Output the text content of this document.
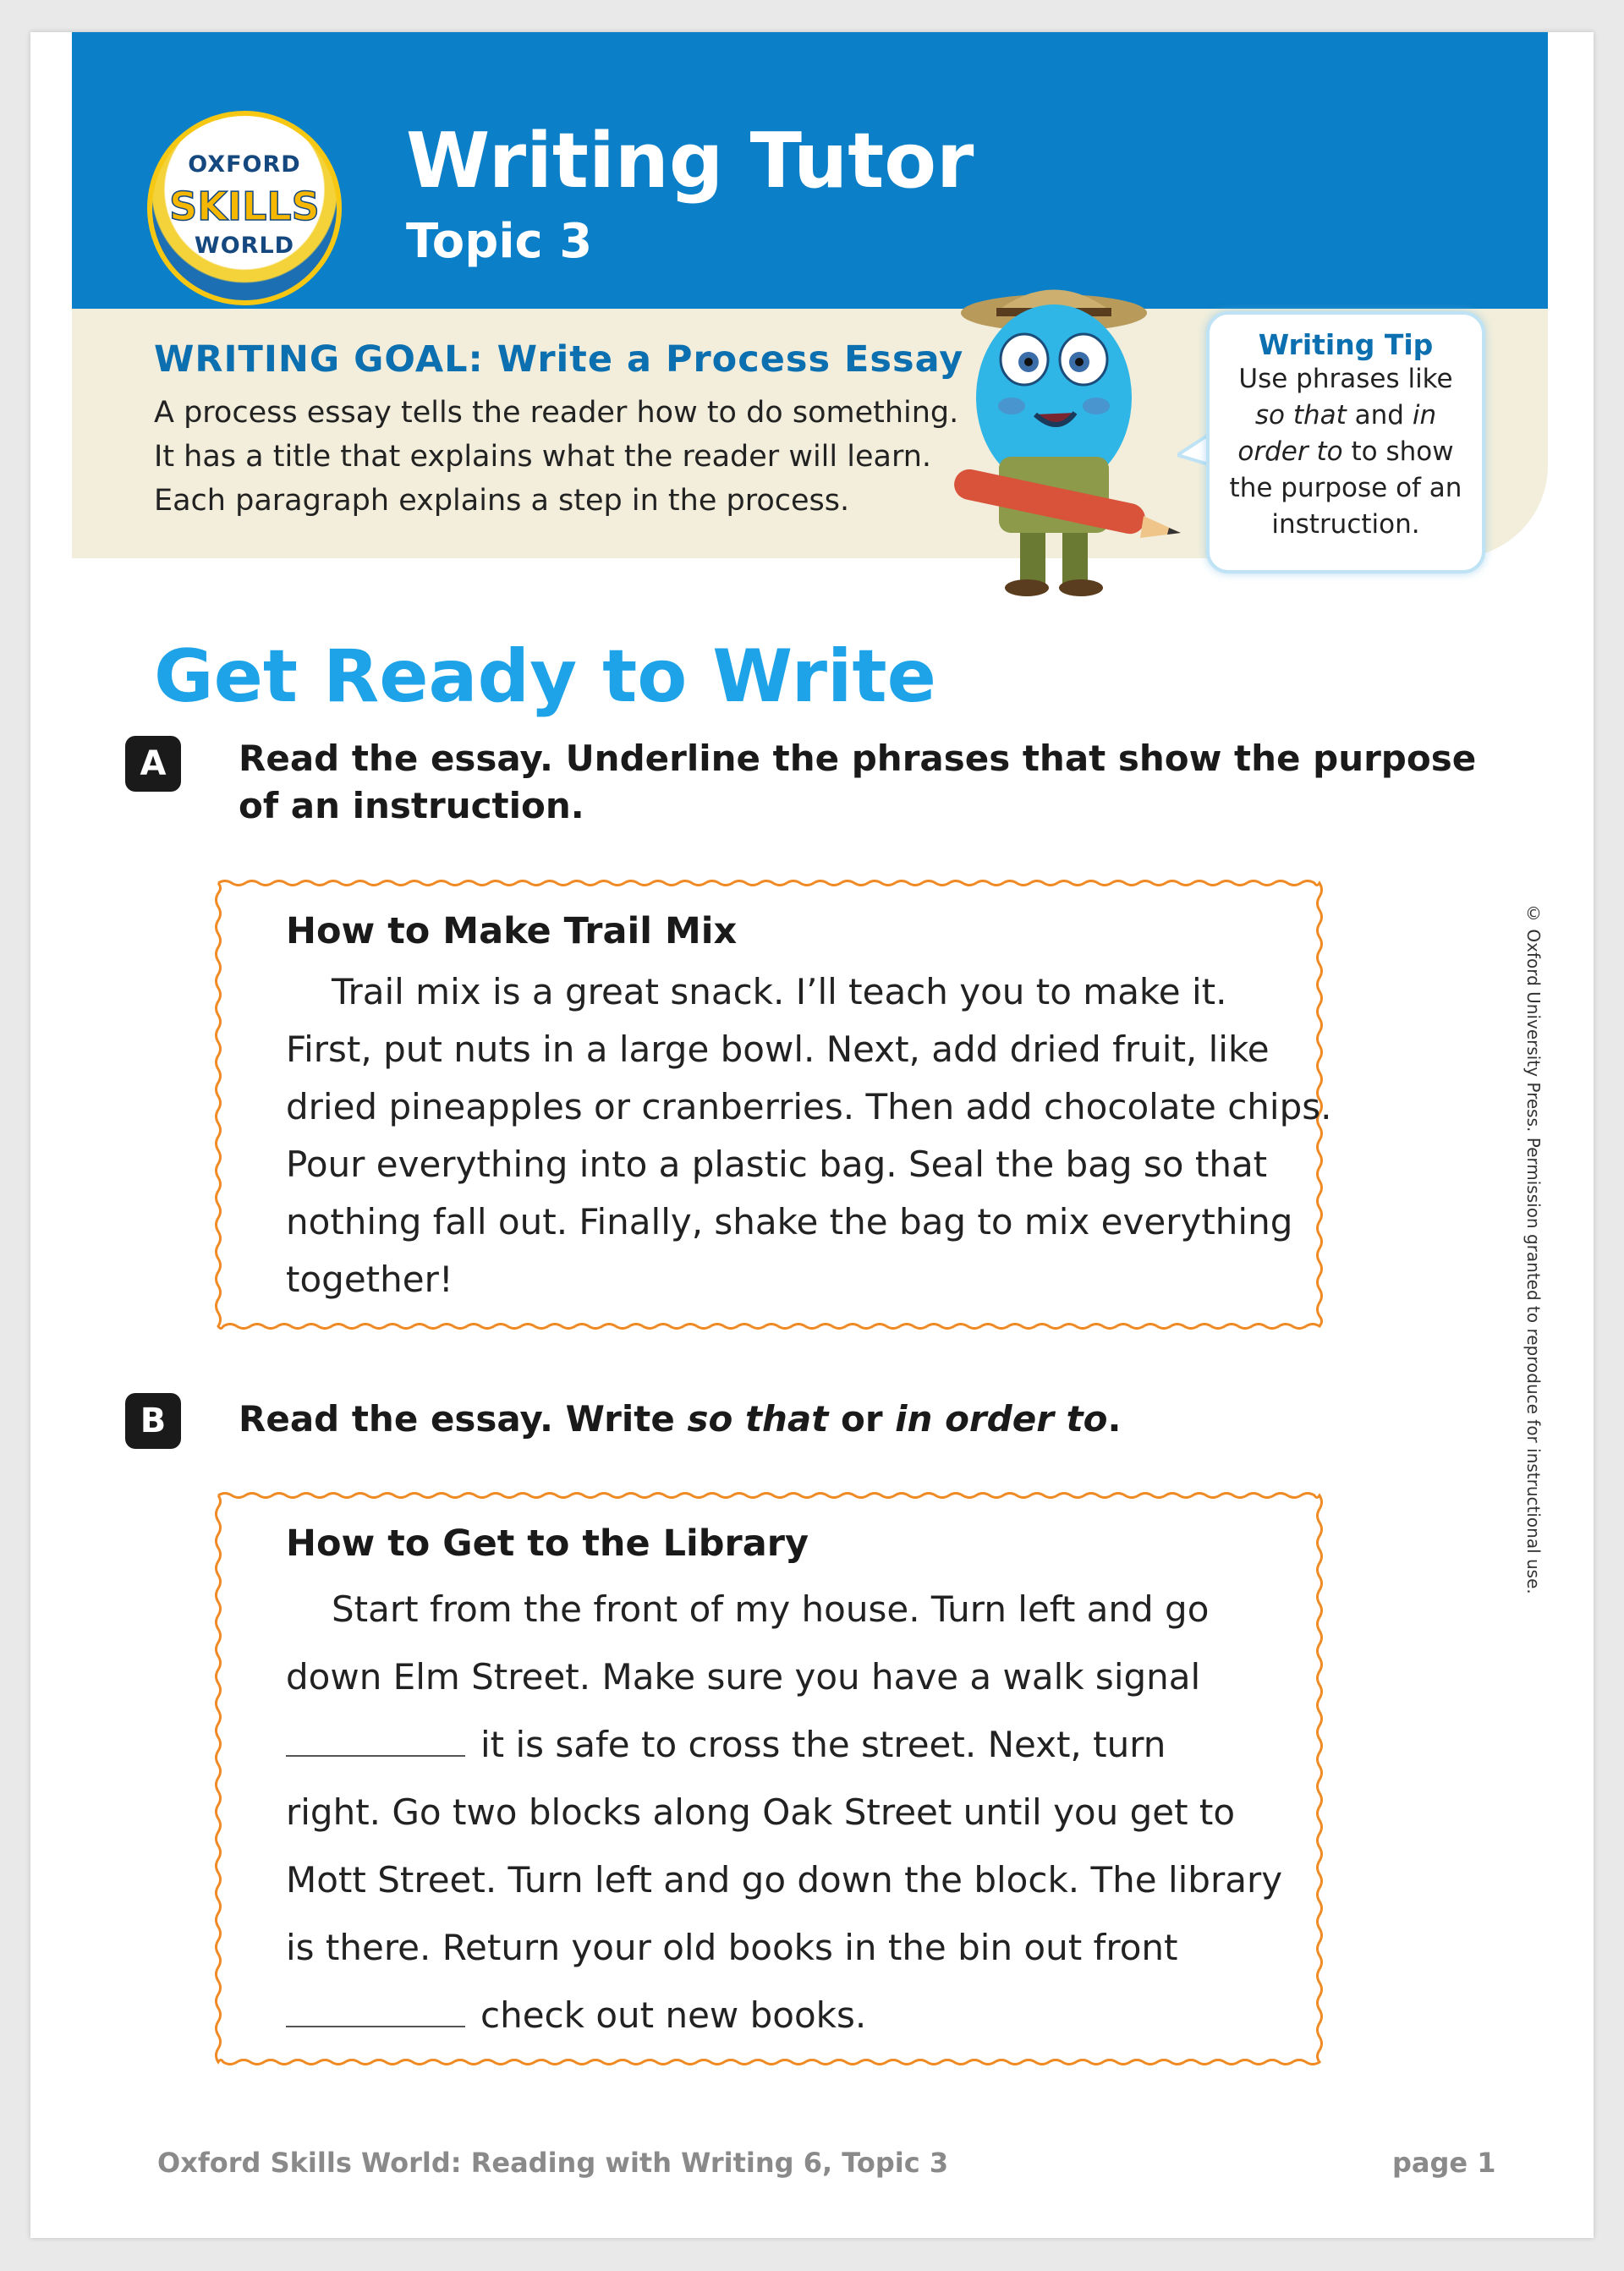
OXFORD
SKILLS
WORLD
Writing Tutor
Topic 3
WRITING GOAL: Write a Process Essay
A process essay tells the reader how to do something.
It has a title that explains what the reader will learn.
Each paragraph explains a step in the process.
Writing Tip
Use phrases like
so that and in
order to to show
the purpose of an
instruction.
Get Ready to Write
A	Read the essay. Underline the phrases that show the purpose
of an instruction.
How to Make Trail Mix
Trail mix is a great snack. I’ll teach you to make it.
First, put nuts in a large bowl. Next, add dried fruit, like
dried pineapples or cranberries. Then add chocolate chips.
Pour everything into a plastic bag. Seal the bag so that
nothing fall out. Finally, shake the bag to mix everything
together!
B	Read the essay. Write so that or in order to.
How to Get to the Library
Start from the front of my house. Turn left and go
down Elm Street. Make sure you have a walk signal
it is safe to cross the street. Next, turn
right. Go two blocks along Oak Street until you get to
Mott Street. Turn left and go down the block. The library
is there. Return your old books in the bin out front
check out new books.
© Oxford University Press. Permission granted to reproduce for instructional use.
Oxford Skills World: Reading with Writing 6, Topic 3	page 1
